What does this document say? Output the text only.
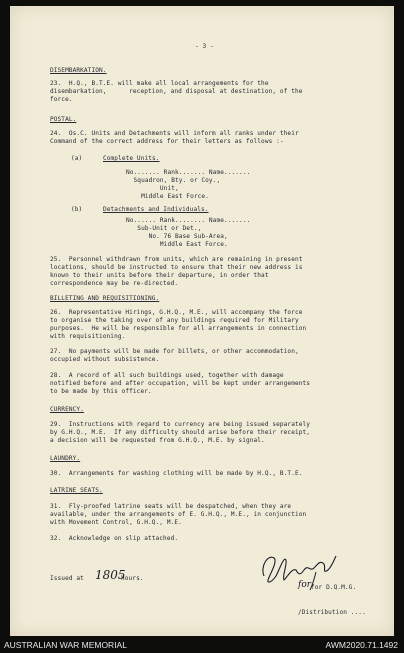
- 3 -
DISEMBARKATION.
23.  H.Q., B.T.E. will make all local arrangements for the
disembarkation,      reception, and disposal at destination, of the
force.
POSTAL.
24.  Os.C. Units and Detachments will inform all ranks under their
Command of the correct address for their letters as follows :-
(a)	Complete Units.
No....... Rank....... Name.......
Squadron, Bty. or Coy.,
Unit,
Middle East Force.
(b)	Detachments and Individuals.
No...... Rank........ Name.......
Sub-Unit or Det.,
No. 76 Base Sub-Area,
Middle East Force.
25.  Personnel withdrawn from units, which are remaining in present
locations, should be instructed to ensure that their new address is
known to their units before their departure, in order that
correspondence may be re-directed.
BILLETING AND REQUISITIONING.
26.  Representative Hirings, G.H.Q., M.E., will accompany the force
to organise the taking over of any buildings required for Military
purposes.  He will be responsible for all arrangements in connection
with requisitioning.
27.  No payments will be made for billets, or other accommodation,
occupied without subsistence.
28.  A record of all such buildings used, together with damage
notified before and after occupation, will be kept under arrangements
to be made by this officer.
CURRENCY.
29.  Instructions with regard to currency are being issued separately
by G.H.Q., M.E.  If any difficulty should arise before their receipt,
a decision will be requested from G.H.Q., M.E. by signal.
LAUNDRY.
30.  Arrangements for washing clothing will be made by H.Q., B.T.E.
LATRINE SEATS.
31.  Fly-proofed latrine seats will be despatched, when they are
available, under the arrangements of E. G.H.Q., M.E., in conjunction
with Movement Control, G.H.Q., M.E.
32.  Acknowledge on slip attached.
Issued at 1805
hours.
for for D.Q.M.G.
/Distribution ....
AUSTRALIAN WAR MEMORIAL	AWM2020.71.1492
